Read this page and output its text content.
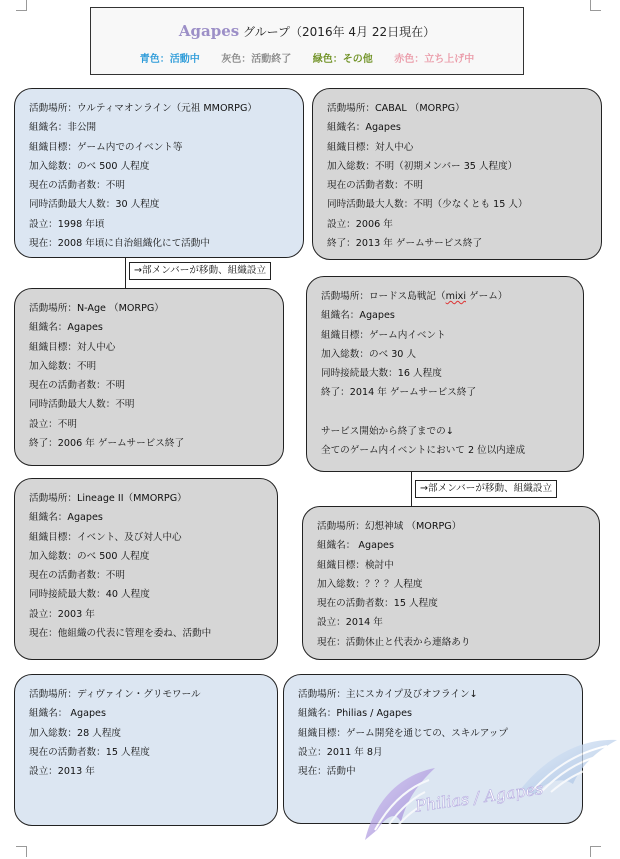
Agapes グループ（2016年 4月 22日現在）
青色：活動中 灰色：活動終了 緑色：その他 赤色：立ち上げ中
活動場所：ウルティマオンライン（元祖 MMORPG）
組織名：非公開
組織目標：ゲーム内でのイベント等
加入総数：のべ 500 人程度
現在の活動者数：不明
同時活動最大人数：30 人程度
設立：1998 年頃
現在：2008 年頃に自治組織化にて活動中
活動場所：CABAL （MORPG）
組織名：Agapes
組織目標：対人中心
加入総数：不明（初期メンバー 35 人程度）
現在の活動者数：不明
同時活動最大人数：不明（少なくとも 15 人）
設立：2006 年
終了：2013 年 ゲームサービス終了
→部メンバーが移動、組織設立
活動場所：N-Age （MORPG）
組織名：Agapes
組織目標：対人中心
加入総数：不明
現在の活動者数：不明
同時活動最大人数：不明
設立：不明
終了：2006 年 ゲームサービス終了
活動場所：ロードス島戦記（mixi ゲーム）
組織名：Agapes
組織目標：ゲーム内イベント
加入総数：のべ 30 人
同時接続最大数：16 人程度
終了：2014 年 ゲームサービス終了
サービス開始から終了までの↓
全てのゲーム内イベントにおいて 2 位以内達成
→部メンバーが移動、組織設立
活動場所：Lineage II（MMORPG）
組織名：Agapes
組織目標：イベント、及び対人中心
加入総数：のべ 500 人程度
現在の活動者数：不明
同時接続最大数：40 人程度
設立：2003 年
現在：他組織の代表に管理を委ね、活動中
活動場所：幻想神域 （MORPG）
組織名： Agapes
組織目標：検討中
加入総数：？？？人程度
現在の活動者数：15 人程度
設立：2014 年
現在：活動休止と代表から連絡あり
活動場所：ディヴァイン・グリモワール
組織名： Agapes
加入総数：28 人程度
現在の活動者数：15 人程度
設立：2013 年
活動場所：主にスカイプ及びオフライン↓
組織名：Philias / Agapes
組織目標：ゲーム開発を通じての、スキルアップ
設立：2011 年 8月
現在：活動中
Philias / Agapes
